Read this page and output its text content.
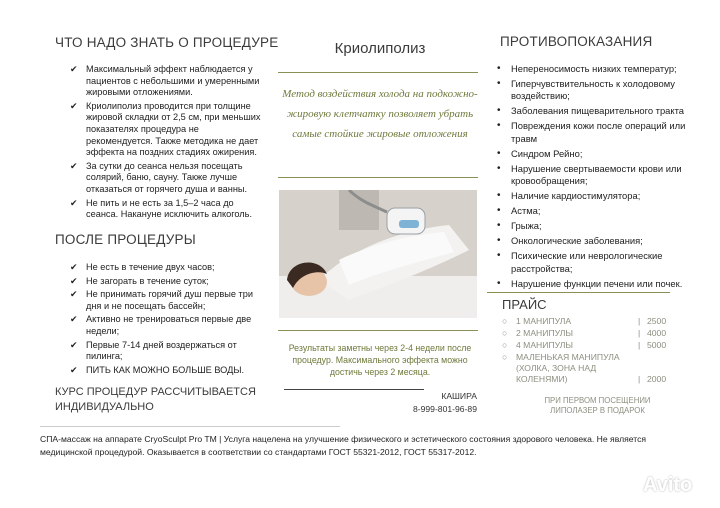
ЧТО НАДО ЗНАТЬ О ПРОЦЕДУРЕ
✔ Максимальный эффект наблюдается у пациентов с небольшими и умеренными жировыми отложениями.
✔ Криолиполиз проводится при толщине жировой складки от 2,5 см, при меньших показателях процедура не рекомендуется. Также методика не дает эффекта на поздних стадиях ожирения.
✔ За сутки до сеанса нельзя посещать солярий, баню, сауну. Также лучше отказаться от горячего душа и ванны.
✔ Не пить и не есть за 1,5–2 часа до сеанса. Накануне исключить алкоголь.
ПОСЛЕ ПРОЦЕДУРЫ
✔ Не есть в течение двух часов;
✔ Не загорать в течение суток;
✔ Не принимать горячий душ первые три дня и не посещать бассейн;
✔ Активно не тренироваться первые две недели;
✔ Первые 7-14 дней воздержаться от пилинга;
✔ ПИТЬ КАК МОЖНО БОЛЬШЕ ВОДЫ.
КУРС ПРОЦЕДУР РАССЧИТЫВАЕТСЯ ИНДИВИДУАЛЬНО
Криолиполиз
Метод воздействия холода на подкожно-жировую клетчатку позволяет убрать самые стойкие жировые отложения
Результаты заметны через 2-4 недели после процедур. Максимального эффекта можно достичь через 2 месяца.
КАШИРА
8-999-801-96-89
ПРОТИВОПОКАЗАНИЯ
• Непереносимость низких температур;
• Гиперчувствительность к холодовому воздействию;
• Заболевания пищеварительного тракта
• Повреждения кожи после операций или травм
• Синдром Рейно;
• Нарушение свертываемости крови или кровообращения;
• Наличие кардиостимулятора;
• Астма;
• Грыжа;
• Онкологические заболевания;
• Психические или неврологические расстройства;
• Нарушение функции печени или почек.
ПРАЙС
○ 1 МАНИПУЛА	| 2500
○ 2 МАНИПУЛЫ	| 4000
○ 4 МАНИПУЛЫ	| 5000
○ МАЛЕНЬКАЯ МАНИПУЛА (ХОЛКА, ЗОНА НАД КОЛЕНЯМИ)	| 2000
ПРИ ПЕРВОМ ПОСЕЩЕНИИ ЛИПОЛАЗЕР В ПОДАРОК
СПА-массаж на аппарате CryoSculpt Pro TM | Услуга нацелена на улучшение физического и эстетического состояния здорового человека. Не является медицинской процедурой. Оказывается в соответствии со стандартами ГОСТ 55321-2012, ГОСТ 55317-2012.
Avito
